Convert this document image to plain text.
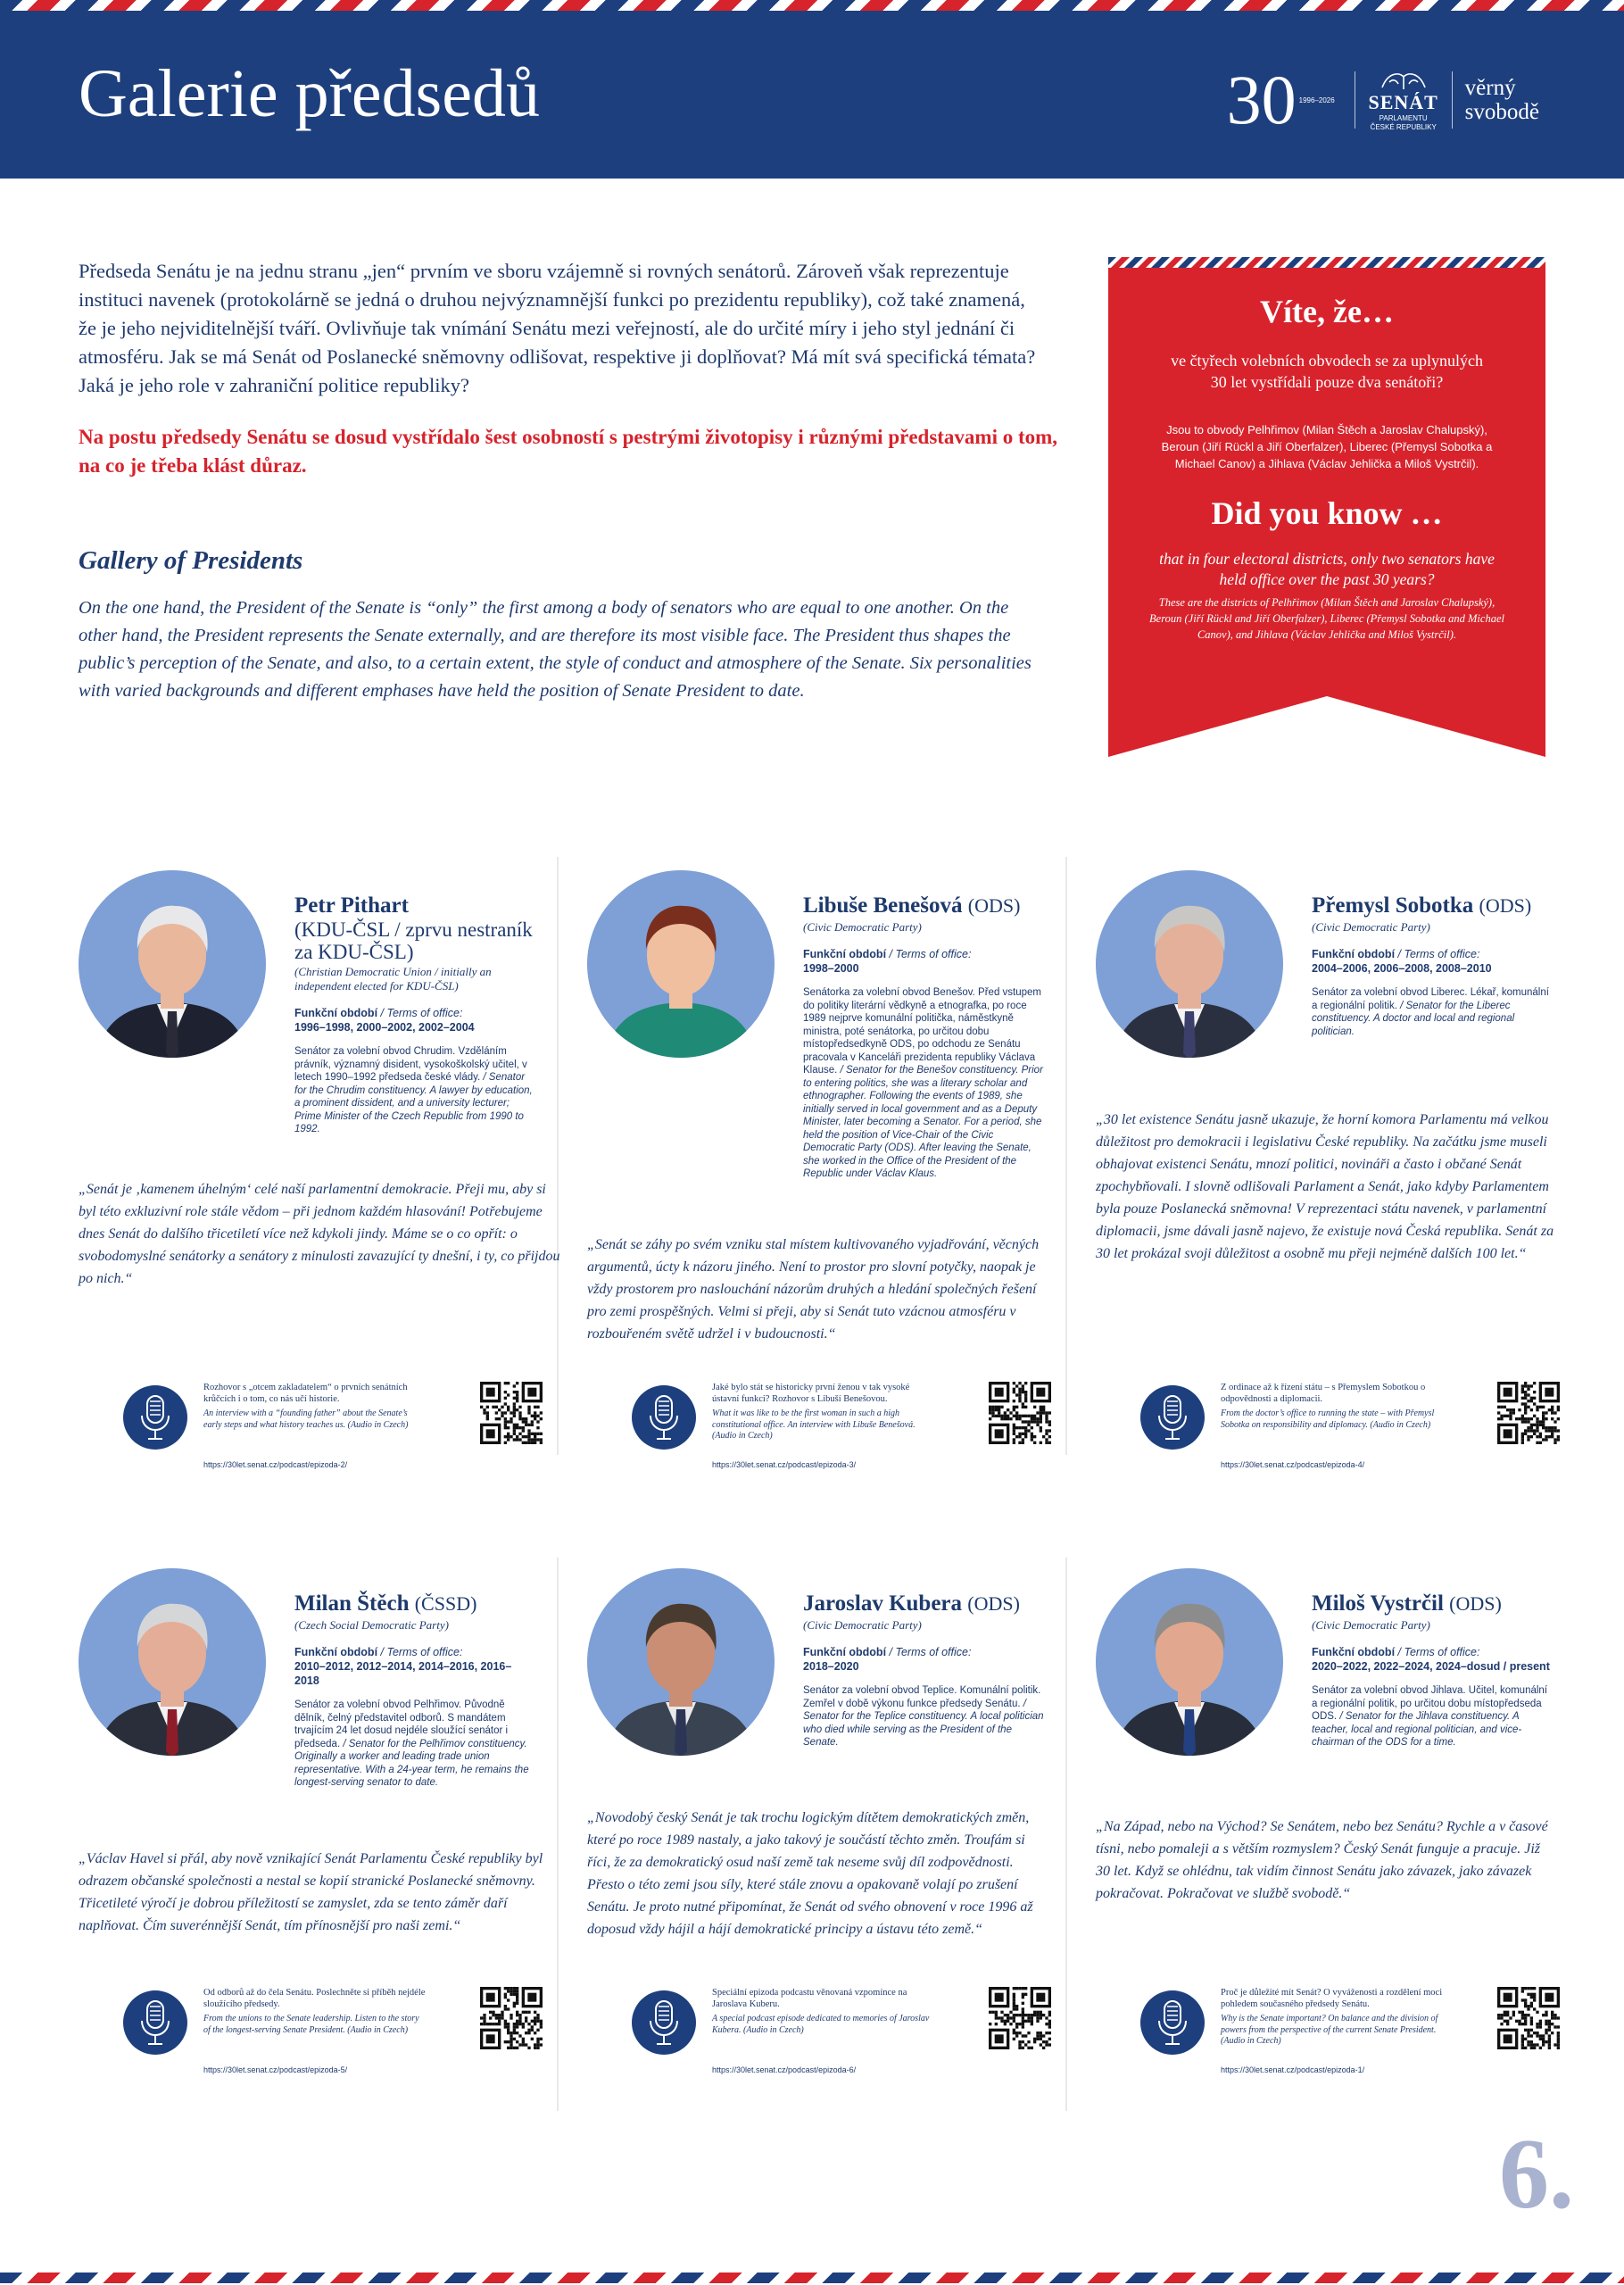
Galerie předsedů	30 1996–2026 SENÁT
PARLAMENTU ČESKÉ REPUBLIKY
věrný
svobodě

Předseda Senátu je na jednu stranu „jen“ prvním ve sboru vzájemně si rovných senátorů. Zároveň však reprezentuje instituci navenek (protokolárně se jedná o druhou nejvýznamnější funkci po prezidentu republiky), což také znamená, že je jeho nejviditelnější tváří. Ovlivňuje tak vnímání Senátu mezi veřejností, ale do určité míry i jeho styl jednání či atmosféru. Jak se má Senát od Poslanecké sněmovny odlišovat, respektive ji doplňovat? Má mít svá specifická témata? Jaká je jeho role v zahraniční politice republiky?

Na postu předsedy Senátu se dosud vystřídalo šest osobností s pestrými životopisy i různými představami o tom, na co je třeba klást důraz.

Gallery of Presidents

On the one hand, the President of the Senate is “only” the first among a body of senators who are equal to one another. On the other hand, the President represents the Senate externally, and are therefore its most visible face. The President thus shapes the public’s perception of the Senate, and also, to a certain extent, the style of conduct and atmosphere of the Senate. Six personalities with varied backgrounds and different emphases have held the position of Senate President to date.

Víte, že…
ve čtyřech volebních obvodech se za uplynulých 30 let vystřídali pouze dva senátoři?
Jsou to obvody Pelhřimov (Milan Štěch a Jaroslav Chalupský), Beroun (Jiří Rückl a Jiří Oberfalzer), Liberec (Přemysl Sobotka a Michael Canov) a Jihlava (Václav Jehlička a Miloš Vystrčil).
Did you know …
that in four electoral districts, only two senators have held office over the past 30 years?
These are the districts of Pelhřimov (Milan Štěch and Jaroslav Chalupský), Beroun (Jiří Rückl and Jiří Oberfalzer), Liberec (Přemysl Sobotka and Michael Canov), and Jihlava (Václav Jehlička and Miloš Vystrčil).
Petr Pithart
(KDU-ČSL / zprvu nestraník za KDU-ČSL)
(Christian Democratic Union / initially an independent elected for KDU-ČSL)
Funkční období / Terms of office:
1996–1998, 2000–2002, 2002–2004
Senátor za volební obvod Chrudim. Vzděláním právník, významný disident, vysokoškolský učitel, v letech 1990–1992 předseda české vlády. / Senator for the Chrudim constituency. A lawyer by education, a prominent dissident, and a university lecturer; Prime Minister of the Czech Republic from 1990 to 1992.

„Senát je ‚kamenem úhelným‘ celé naší parlamentní demokracie. Přeji mu, aby si byl této exkluzivní role stále vědom – při jednom každém hlasování! Potřebujeme dnes Senát do dalšího třicetiletí více než kdykoli jindy. Máme se o co opřít: o svobodomyslné senátorky a senátory z minulosti zavazující ty dnešní, i ty, co přijdou po nich.“

Rozhovor s „otcem zakladatelem“ o prvních senátních krůčcích i o tom, co nás učí historie.
An interview with a “founding father” about the Senate’s early steps and what history teaches us. (Audio in Czech)
https://30let.senat.cz/podcast/epizoda-2/
Libuše Benešová (ODS)
(Civic Democratic Party)
Funkční období / Terms of office:
1998–2000
Senátorka za volební obvod Benešov. Před vstupem do politiky literární vědkyně a etnografka, po roce 1989 nejprve komunální politička, náměstkyně ministra, poté senátorka, po určitou dobu místopředsedkyně ODS, po odchodu ze Senátu pracovala v Kanceláři prezidenta republiky Václava Klause. / Senator for the Benešov constituency. Prior to entering politics, she was a literary scholar and ethnographer. Following the events of 1989, she initially served in local government and as a Deputy Minister, later becoming a Senator. For a period, she held the position of Vice-Chair of the Civic Democratic Party (ODS). After leaving the Senate, she worked in the Office of the President of the Republic under Václav Klaus.

„Senát se záhy po svém vzniku stal místem kultivovaného vyjadřování, věcných argumentů, úcty k názoru jiného. Není to prostor pro slovní potyčky, naopak je vždy prostorem pro naslouchání názorům druhých a hledání společných řešení pro zemi prospěšných. Velmi si přeji, aby si Senát tuto vzácnou atmosféru v rozbouřeném světě udržel i v budoucnosti.“

Jaké bylo stát se historicky první ženou v tak vysoké ústavní funkci? Rozhovor s Libuší Benešovou.
What it was like to be the first woman in such a high constitutional office. An interview with Libuše Benešová. (Audio in Czech)
https://30let.senat.cz/podcast/epizoda-3/
Přemysl Sobotka (ODS)
(Civic Democratic Party)
Funkční období / Terms of office:
2004–2006, 2006–2008, 2008–2010
Senátor za volební obvod Liberec. Lékař, komunální a regionální politik. / Senator for the Liberec constituency. A doctor and local and regional politician.

„30 let existence Senátu jasně ukazuje, že horní komora Parlamentu má velkou důležitost pro demokracii i legislativu České republiky. Na začátku jsme museli obhajovat existenci Senátu, mnozí politici, novináři a často i občané Senát zpochybňovali. I slovně odlišovali Parlament a Senát, jako kdyby Parlamentem byla pouze Poslanecká sněmovna! V reprezentaci státu navenek, v parlamentní diplomacii, jsme dávali jasně najevo, že existuje nová Česká republika. Senát za 30 let prokázal svoji důležitost a osobně mu přeji nejméně dalších 100 let.“

Z ordinace až k řízení státu – s Přemyslem Sobotkou o odpovědnosti a diplomacii.
From the doctor’s office to running the state – with Přemysl Sobotka on responsibility and diplomacy. (Audio in Czech)
https://30let.senat.cz/podcast/epizoda-4/
Milan Štěch (ČSSD)
(Czech Social Democratic Party)
Funkční období / Terms of office:
2010–2012, 2012–2014, 2014–2016, 2016–2018
Senátor za volební obvod Pelhřimov. Původně dělník, čelný představitel odborů. S mandátem trvajícím 24 let dosud nejdéle sloužící senátor i předseda. / Senator for the Pelhřimov constituency. Originally a worker and leading trade union representative. With a 24-year term, he remains the longest-serving senator to date.

„Václav Havel si přál, aby nově vznikající Senát Parlamentu České republiky byl odrazem občanské společnosti a nestal se kopií stranické Poslanecké sněmovny. Třicetileté výročí je dobrou příležitostí se zamyslet, zda se tento záměr daří naplňovat. Čím suverénnější Senát, tím přínosnější pro naši zemi.“

Od odborů až do čela Senátu. Poslechněte si příběh nejdéle sloužícího předsedy.
From the unions to the Senate leadership. Listen to the story of the longest-serving Senate President. (Audio in Czech)
https://30let.senat.cz/podcast/epizoda-5/
Jaroslav Kubera (ODS)
(Civic Democratic Party)
Funkční období / Terms of office:
2018–2020
Senátor za volební obvod Teplice. Komunální politik. Zemřel v době výkonu funkce předsedy Senátu. / Senator for the Teplice constituency. A local politician who died while serving as the President of the Senate.

„Novodobý český Senát je tak trochu logickým dítětem demokratických změn, které po roce 1989 nastaly, a jako takový je součástí těchto změn. Troufám si říci, že za demokratický osud naší země tak neseme svůj díl zodpovědnosti. Přesto o této zemi jsou síly, které stále znovu a opakovaně volají po zrušení Senátu. Je proto nutné připomínat, že Senát od svého obnovení v roce 1996 až doposud vždy hájil a hájí demokratické principy a ústavu této země.“

Speciální epizoda podcastu věnovaná vzpomínce na Jaroslava Kuberu.
A special podcast episode dedicated to memories of Jaroslav Kubera. (Audio in Czech)
https://30let.senat.cz/podcast/epizoda-6/
Miloš Vystrčil (ODS)
(Civic Democratic Party)
Funkční období / Terms of office:
2020–2022, 2022–2024, 2024–dosud / present
Senátor za volební obvod Jihlava. Učitel, komunální a regionální politik, po určitou dobu místopředseda ODS. / Senator for the Jihlava constituency. A teacher, local and regional politician, and vice-chairman of the ODS for a time.

„Na Západ, nebo na Východ? Se Senátem, nebo bez Senátu? Rychle a v časové tísni, nebo pomaleji a s větším rozmyslem? Český Senát funguje a pracuje. Již 30 let. Když se ohlédnu, tak vidím činnost Senátu jako závazek, jako závazek pokračovat. Pokračovat ve službě svobodě.“

Proč je důležité mít Senát? O vyváženosti a rozdělení moci pohledem současného předsedy Senátu.
Why is the Senate important? On balance and the division of powers from the perspective of the current Senate President. (Audio in Czech)
https://30let.senat.cz/podcast/epizoda-1/
6.
